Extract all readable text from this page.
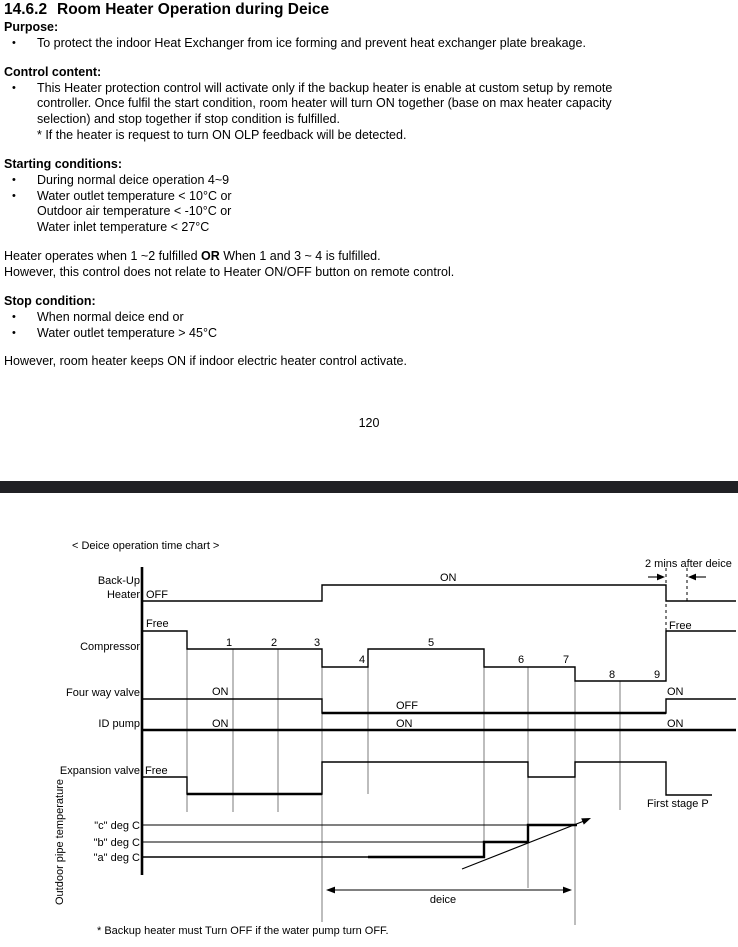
14.6.2 Room Heater Operation during Deice
Purpose:
• To protect the indoor Heat Exchanger from ice forming and prevent heat exchanger plate breakage.
Control content:
• This Heater protection control will activate only if the backup heater is enable at custom setup by remote
controller. Once fulfil the start condition, room heater will turn ON together (base on max heater capacity
selection) and stop together if stop condition is fulfilled.
* If the heater is request to turn ON OLP feedback will be detected.
Starting conditions:
• During normal deice operation 4~9
• Water outlet temperature < 10°C or
Outdoor air temperature < -10°C or
Water inlet temperature < 27°C
Heater operates when 1 ~2 fulfilled OR When 1 and 3 ~ 4 is fulfilled.
However, this control does not relate to Heater ON/OFF button on remote control.
Stop condition:
• When normal deice end or
• Water outlet temperature > 45°C
However, room heater keeps ON if indoor electric heater control activate.
120
< Deice operation time chart >
2 mins after deice
Back-Up
Heater OFF
ON
Compressor
Free	Free
1	2	3
4
5
6	7
8	9
Four way valve	ON
OFF
ON
ID pump	ON	ON	ON
Expansion valve Free
First stage P
Outdoor pipe temperature	"c" deg C
"b" deg C
"a" deg C
deice
* Backup heater must Turn OFF if the water pump turn OFF.
